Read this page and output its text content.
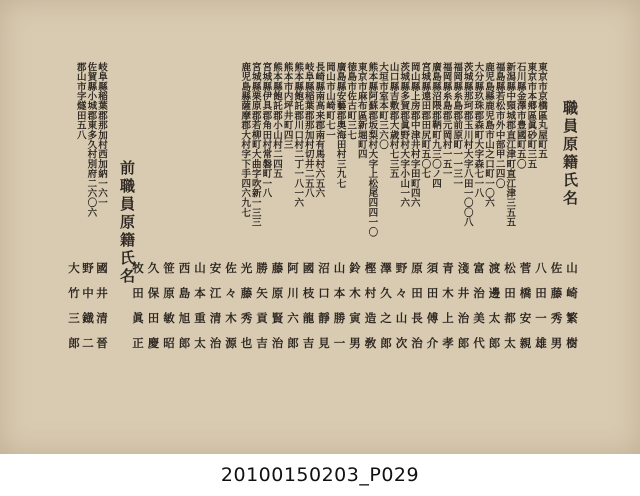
職員原籍氏名
東京市京橋區丸屋町五
東京市本郷區眞砂町三五
石川縣金澤市豊國町五〇
新潟縣中頸城郡直江津町直江津三五五
福島縣若松市外中部甲二四〇
鹿児島縣鹿児島市山之口町一〇六
大分縣玖珠郡森町大字森七一八
茨城縣那珂郡玉川村大字八田一〇〇八
福岡縣糸島郡前原町一一三一
福岡縣糸島郡元岡村一五一
廣島縣沼隈郡鞆町九三〇ノ四
宮城縣遠田郡田尻町五〇七
岡山縣上房郡中津井村字田町四六
茨城縣多賀郡眞野村大字小山一六
山口縣吉敷郡大歳村七三五
大垣市室本町三六〇
熊本縣阿蘇郡坂梨村大字上松尾四四一〇
東京市麻布區新堀町四
徳島市佐古町三七
廣島縣安藝郡奥海田村三九七
岡山市山崎町七一
長崎縣南高来郡南有馬村六五六
岐阜縣稲葉郡那加村切井二五八
熊本縣飽託郡川口村二丁一八一六
熊本市内坪井町四三
熊本縣飽託郡小山村二四五
宮城縣伊具郡角田村常磐町一八
宮城縣栗原郡若柳町大曲字吹新一三三
鹿児島縣薩摩郡大村字下手四六九七
山　崎　繁　樹
佐　藤　秀　男
八　田　一　雄
菅　橋　安　親
松　田　都　太
渡　邊　太　郎
富　治　美　代
淺　井　治　郎
青　木　上　孝
須　田　傅　介
原　田　長　治
野　々　山　次
澤　久　之　郎
樫　村　造　敎
鈴　木　寅　男
山　本　勝　一
沼　口　靜　見
國　枝　龍　吉
阿　川　六　郎
藤　原　賢　治
勝　矢　貢　吉
光　藤　秀　也
佐　々　木　源
安　江　清　治
山　本　重　太
西　島　旭　郎
笹　原　敏　昭
久　保　田　慶
牧　田　眞　正
前職員原籍氏名
岐阜縣稲葉郡那加村西加納一六一
佐賀縣小城郡東多久村別府二六〇六
郡山市字燧田五八
國　井　清　晉
野　中　鐡　二
大　竹　三　郎
20100150203_P029
